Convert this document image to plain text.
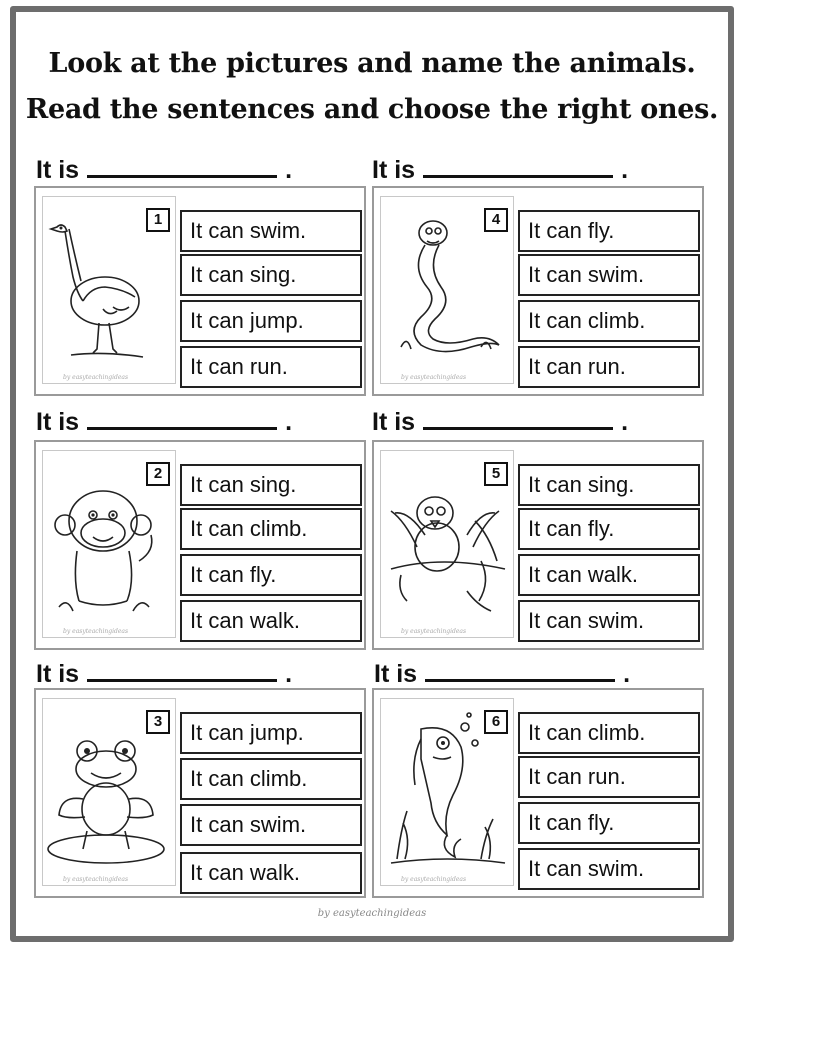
Look at the pictures and name the animals.
Read the sentences and choose the right ones.
It is	.	It is	.
by easyteachingideas
1	It can swim.
It can sing.
It can jump.
It can run.	by easyteachingideas
4	It can fly.
It can swim.
It can climb.
It can run.
It is	.	It is	.
by easyteachingideas
2	It can sing.
It can climb.
It can fly.
It can walk.	by easyteachingideas
5	It can sing.
It can fly.
It can walk.
It can swim.
It is	.	It is	.
by easyteachingideas
3	It can jump.
It can climb.
It can swim.
It can walk.	by easyteachingideas
6	It can climb.
It can run.
It can fly.
It can swim.
by easyteachingideas
